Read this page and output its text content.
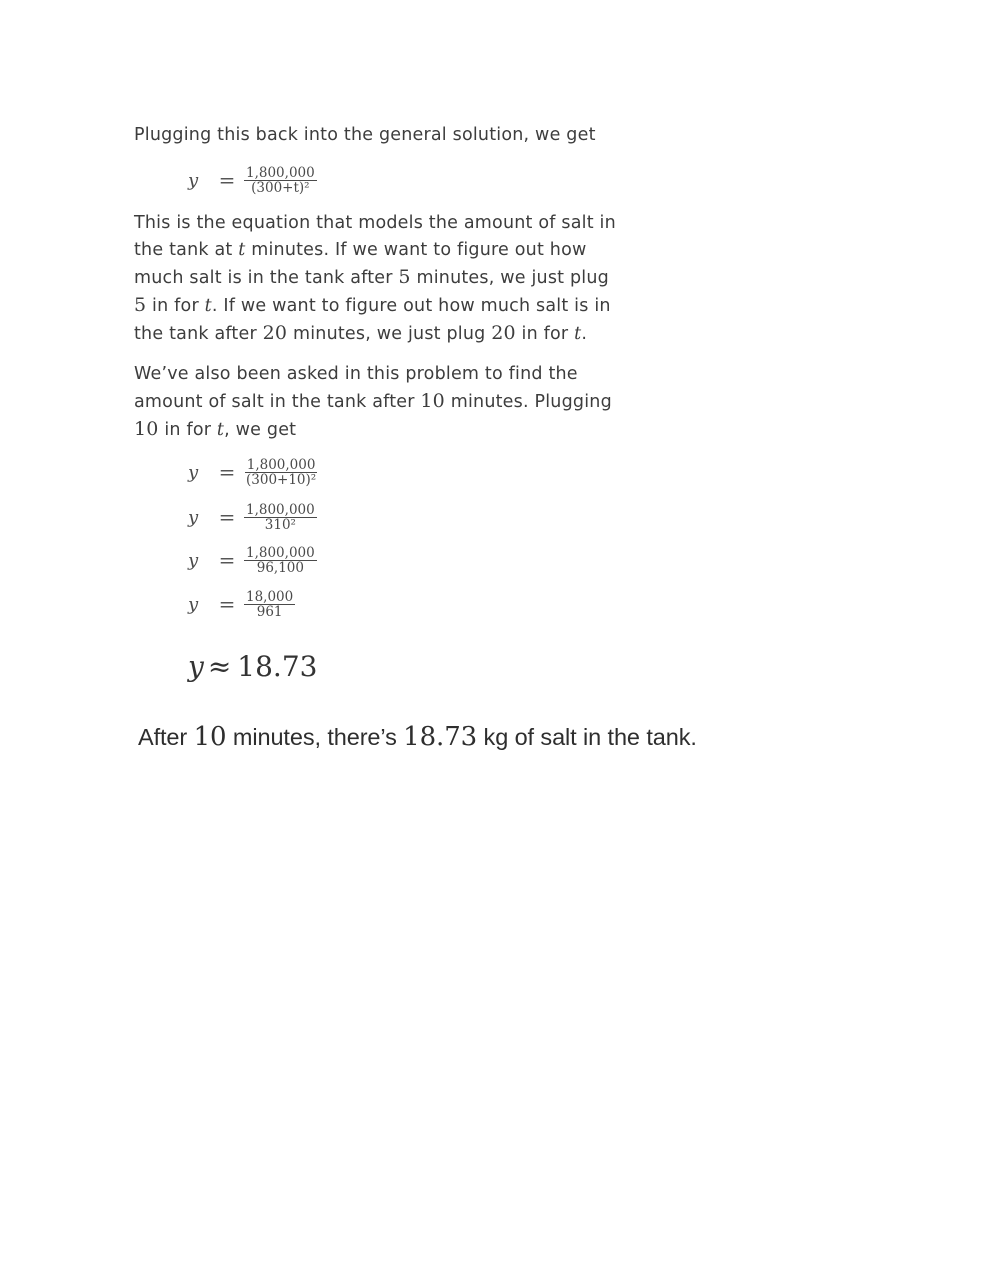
Plugging this back into the general solution, we get
y	= $\frac{1,800,000}{\text{(300+t)²}}$
This is the equation that models the amount of salt in
the tank at t minutes. If we want to figure out how
much salt is in the tank after 5 minutes, we just plug
5 in for t. If we want to figure out how much salt is in
the tank after 20 minutes, we just plug 20 in for t.
We’ve also been asked in this problem to find the
amount of salt in the tank after 10 minutes. Plugging
10 in for t, we get
y	= $\frac{1,800,000}{\text{(300+10)²}}$
y	= $\frac{1,800,000}{\text{310²}}$
y	= $\frac{1,800,000}{96,100}$
y	= $\frac{18,000}{961}$
y ≈ 18.73
After 10 minutes, there’s 18.73 kg of salt in the tank.
